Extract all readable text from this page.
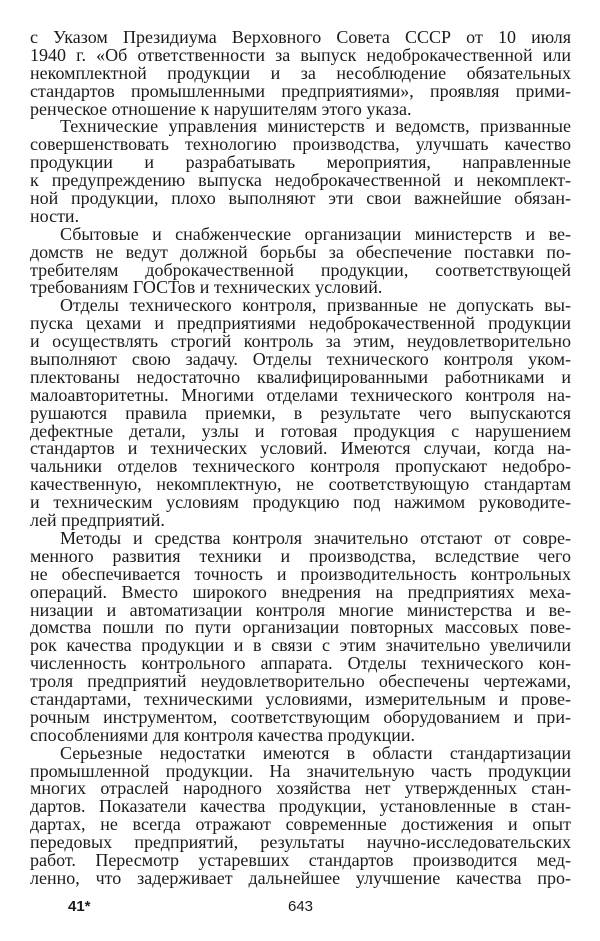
с Указом Президиума Верховного Совета СССР от 10 июля
1940 г. «Об ответственности за выпуск недоброкачественной или
некомплектной продукции и за несоблюдение обязательных
стандартов промышленными предприятиями», проявляя прими-
ренческое отношение к нарушителям этого указа.
Технические управления министерств и ведомств, призванные
совершенствовать технологию производства, улучшать качество
продукции и разрабатывать мероприятия, направленные
к предупреждению выпуска недоброкачественной и некомплект-
ной продукции, плохо выполняют эти свои важнейшие обязан-
ности.
Сбытовые и снабженческие организации министерств и ве-
домств не ведут должной борьбы за обеспечение поставки по-
требителям доброкачественной продукции, соответствующей
требованиям ГОСТов и технических условий.
Отделы технического контроля, призванные не допускать вы-
пуска цехами и предприятиями недоброкачественной продукции
и осуществлять строгий контроль за этим, неудовлетворительно
выполняют свою задачу. Отделы технического контроля уком-
плектованы недостаточно квалифицированными работниками и
малоавторитетны. Многими отделами технического контроля на-
рушаются правила приемки, в результате чего выпускаются
дефектные детали, узлы и готовая продукция с нарушением
стандартов и технических условий. Имеются случаи, когда на-
чальники отделов технического контроля пропускают недобро-
качественную, некомплектную, не соответствующую стандартам
и техническим условиям продукцию под нажимом руководите-
лей предприятий.
Методы и средства контроля значительно отстают от совре-
менного развития техники и производства, вследствие чего
не обеспечивается точность и производительность контрольных
операций. Вместо широкого внедрения на предприятиях меха-
низации и автоматизации контроля многие министерства и ве-
домства пошли по пути организации повторных массовых пове-
рок качества продукции и в связи с этим значительно увеличили
численность контрольного аппарата. Отделы технического кон-
троля предприятий неудовлетворительно обеспечены чертежами,
стандартами, техническими условиями, измерительным и прове-
рочным инструментом, соответствующим оборудованием и при-
способлениями для контроля качества продукции.
Серьезные недостатки имеются в области стандартизации
промышленной продукции. На значительную часть продукции
многих отраслей народного хозяйства нет утвержденных стан-
дартов. Показатели качества продукции, установленные в стан-
дартах, не всегда отражают современные достижения и опыт
передовых предприятий, результаты научно-исследовательских
работ. Пересмотр устаревших стандартов производится мед-
ленно, что задерживает дальнейшее улучшение качества про-
41*	643
